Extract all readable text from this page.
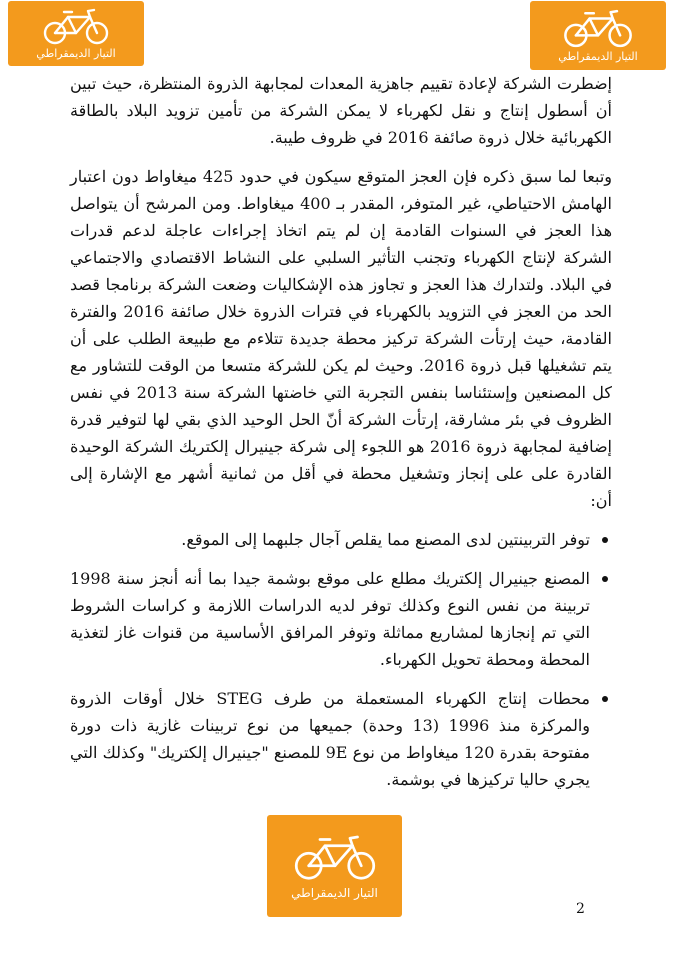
التيار الديمقراطي	التيار الديمقراطي

إضطرت الشركة لإعادة تقييم جاهزية المعدات لمجابهة الذروة المنتظرة، حيث تبين أن أسطول إنتاج و نقل لكهرباء لا يمكن الشركة من تأمين تزويد البلاد بالطاقة الكهربائية خلال ذروة صائفة 2016 في ظروف طيبة.

وتبعا لما سبق ذكره فإن العجز المتوقع سيكون في حدود 425 ميغاواط دون اعتبار الهامش الاحتياطي، غير المتوفر، المقدر بـ 400 ميغاواط. ومن المرشح أن يتواصل هذا العجز في السنوات القادمة إن لم يتم اتخاذ إجراءات عاجلة لدعم قدرات الشركة لإنتاج الكهرباء وتجنب التأثير السلبي على النشاط الاقتصادي والاجتماعي في البلاد. ولتدارك هذا العجز و تجاوز هذه الإشكاليات وضعت الشركة برنامجا قصد الحد من العجز في التزويد بالكهرباء في فترات الذروة خلال صائفة 2016 والفترة القادمة، حيث إرتأت الشركة تركيز محطة جديدة تتلاءم مع طبيعة الطلب على أن يتم تشغيلها قبل ذروة 2016. وحيث لم يكن للشركة متسعا من الوقت للتشاور مع كل المصنعين وإستئناسا بنفس التجربة التي خاضتها الشركة سنة 2013 في نفس الظروف في بئر مشارقة، إرتأت الشركة أنّ الحل الوحيد الذي بقي لها لتوفير قدرة إضافية لمجابهة ذروة 2016 هو اللجوء إلى شركة جينيرال إلكتريك الشركة الوحيدة القادرة على على إنجاز وتشغيل محطة في أقل من ثمانية أشهر مع الإشارة إلى أن:

توفر التربينتين لدى المصنع مما يقلص آجال جلبهما إلى الموقع.
المصنع جينيرال إلكتريك مطلع على موقع بوشمة جيدا بما أنه أنجز سنة 1998 تربينة من نفس النوع وكذلك توفر لديه الدراسات اللازمة و كراسات الشروط التي تم إنجازها لمشاريع مماثلة وتوفر المرافق الأساسية من قنوات غاز لتغذية المحطة ومحطة تحويل الكهرباء.
محطات إنتاج الكهرباء المستعملة من طرف STEG خلال أوقات الذروة والمركزة منذ 1996 (13 وحدة) جميعها من نوع تربينات غازية ذات دورة مفتوحة بقدرة 120 ميغاواط من نوع 9E للمصنع "جينيرال إلكتريك" وكذلك التي يجري حاليا تركيزها في بوشمة.
التيار الديمقراطي
2
